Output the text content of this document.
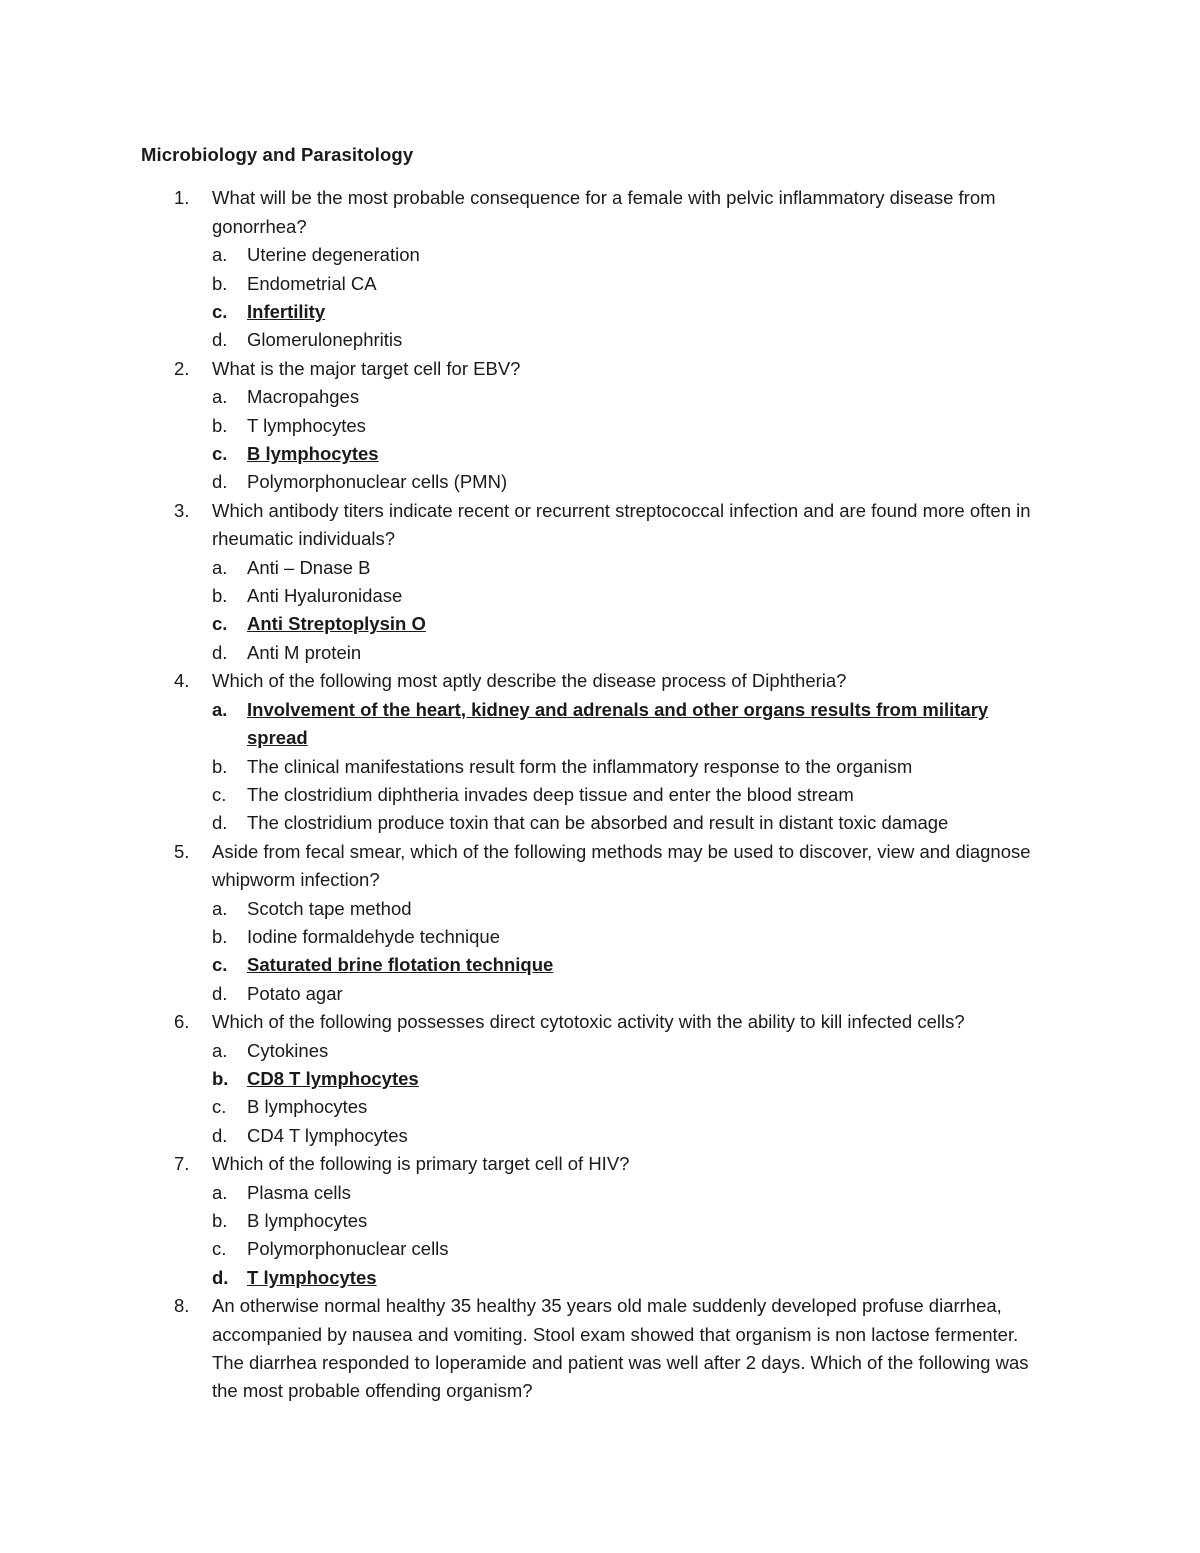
Microbiology and Parasitology
1.	What will be the most probable consequence for a female with pelvic inflammatory disease from gonorrhea?
a.	Uterine degeneration
b.	Endometrial CA
c.	Infertility
d.	Glomerulonephritis
2.	What is the major target cell for EBV?
a.	Macropahges
b.	T lymphocytes
c.	B lymphocytes
d.	Polymorphonuclear cells (PMN)
3.	Which antibody titers indicate recent or recurrent streptococcal infection and are found more often in rheumatic individuals?
a.	Anti – Dnase B
b.	Anti Hyaluronidase
c.	Anti Streptoplysin O
d.	Anti M protein
4.	Which of the following most aptly describe the disease process of Diphtheria?
a.	Involvement of the heart, kidney and adrenals and other organs results from military spread
b.	The clinical manifestations result form the inflammatory response to the organism
c.	The clostridium diphtheria invades deep tissue and enter the blood stream
d.	The clostridium produce toxin that can be absorbed and result in distant toxic damage
5.	Aside from fecal smear, which of the following methods may be used to discover, view and diagnose whipworm infection?
a.	Scotch tape method
b.	Iodine formaldehyde technique
c.	Saturated brine flotation technique
d.	Potato agar
6.	Which of the following possesses direct cytotoxic activity with the ability to kill infected cells?
a.	Cytokines
b.	CD8 T lymphocytes
c.	B lymphocytes
d.	CD4 T lymphocytes
7.	Which of the following is primary target cell of HIV?
a.	Plasma cells
b.	B lymphocytes
c.	Polymorphonuclear cells
d.	T lymphocytes
8.	An otherwise normal healthy 35 healthy 35 years old male suddenly developed profuse diarrhea, accompanied by nausea and vomiting. Stool exam showed that organism is non lactose fermenter. The diarrhea responded to loperamide and patient was well after 2 days. Which of the following was the most probable offending organism?
